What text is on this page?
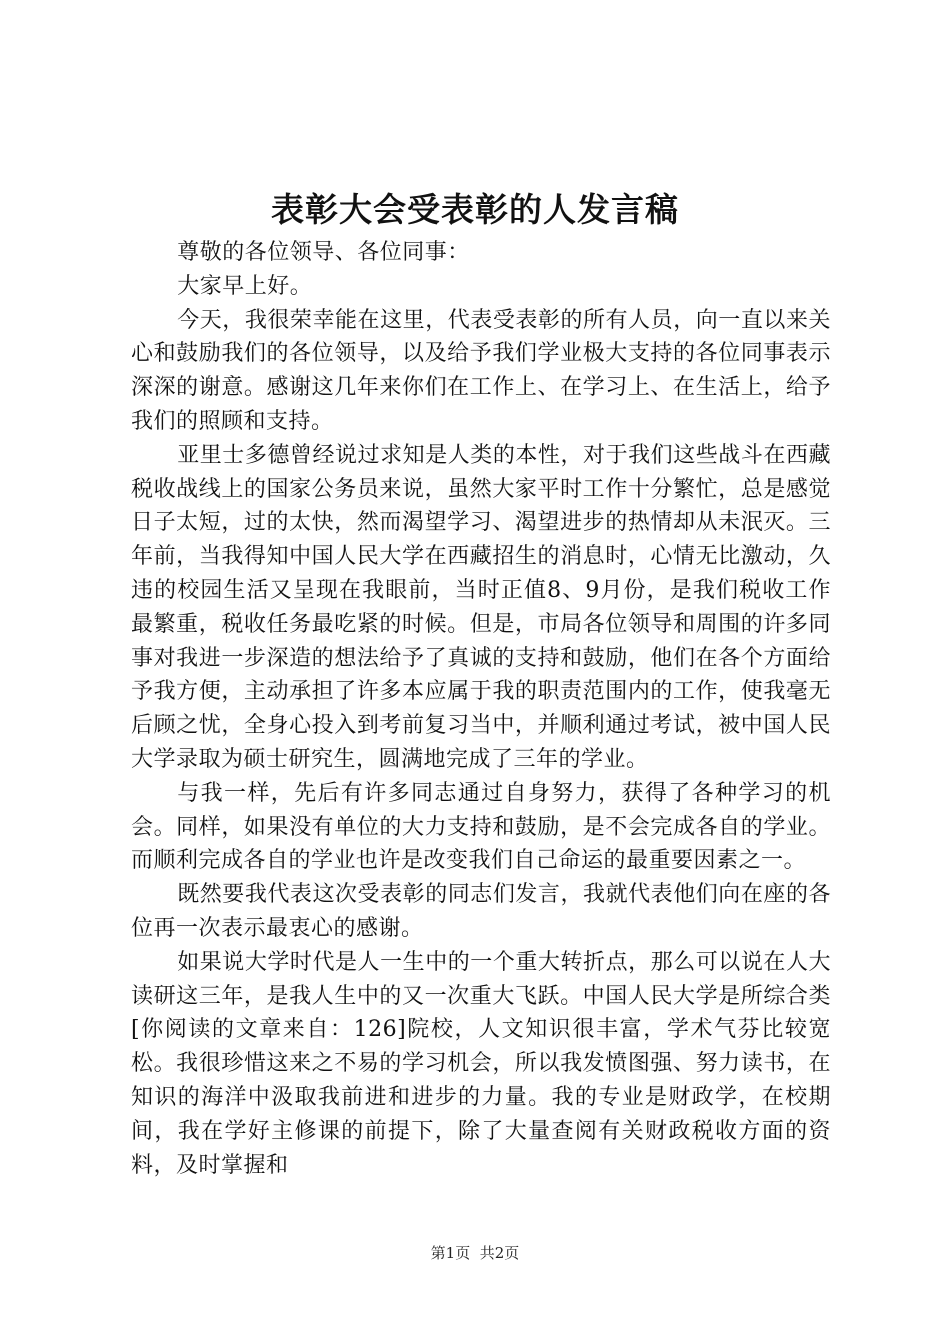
表彰大会受表彰的人发言稿

尊敬的各位领导、各位同事：

大家早上好。

今天，我很荣幸能在这里，代表受表彰的所有人员，向一直以来关心和鼓励我们的各位领导，以及给予我们学业极大支持的各位同事表示深深的谢意。感谢这几年来你们在工作上、在学习上、在生活上，给予我们的照顾和支持。

亚里士多德曾经说过求知是人类的本性，对于我们这些战斗在西藏税收战线上的国家公务员来说，虽然大家平时工作十分繁忙，总是感觉日子太短，过的太快，然而渴望学习、渴望进步的热情却从未泯灭。三年前，当我得知中国人民大学在西藏招生的消息时，心情无比激动，久违的校园生活又呈现在我眼前，当时正值8、9月份，是我们税收工作最繁重，税收任务最吃紧的时候。但是，市局各位领导和周围的许多同事对我进一步深造的想法给予了真诚的支持和鼓励，他们在各个方面给予我方便，主动承担了许多本应属于我的职责范围内的工作，使我毫无后顾之忧，全身心投入到考前复习当中，并顺利通过考试，被中国人民大学录取为硕士研究生，圆满地完成了三年的学业。

与我一样，先后有许多同志通过自身努力，获得了各种学习的机会。同样，如果没有单位的大力支持和鼓励，是不会完成各自的学业。而顺利完成各自的学业也许是改变我们自己命运的最重要因素之一。

既然要我代表这次受表彰的同志们发言，我就代表他们向在座的各位再一次表示最衷心的感谢。

如果说大学时代是人一生中的一个重大转折点，那么可以说在人大读研这三年，是我人生中的又一次重大飞跃。中国人民大学是所综合类[你阅读的文章来自：126]院校，人文知识很丰富，学术气芬比较宽松。我很珍惜这来之不易的学习机会，所以我发愤图强、努力读书，在知识的海洋中汲取我前进和进步的力量。我的专业是财政学，在校期间，我在学好主修课的前提下，除了大量查阅有关财政税收方面的资料，及时掌握和

第1页 共2页
